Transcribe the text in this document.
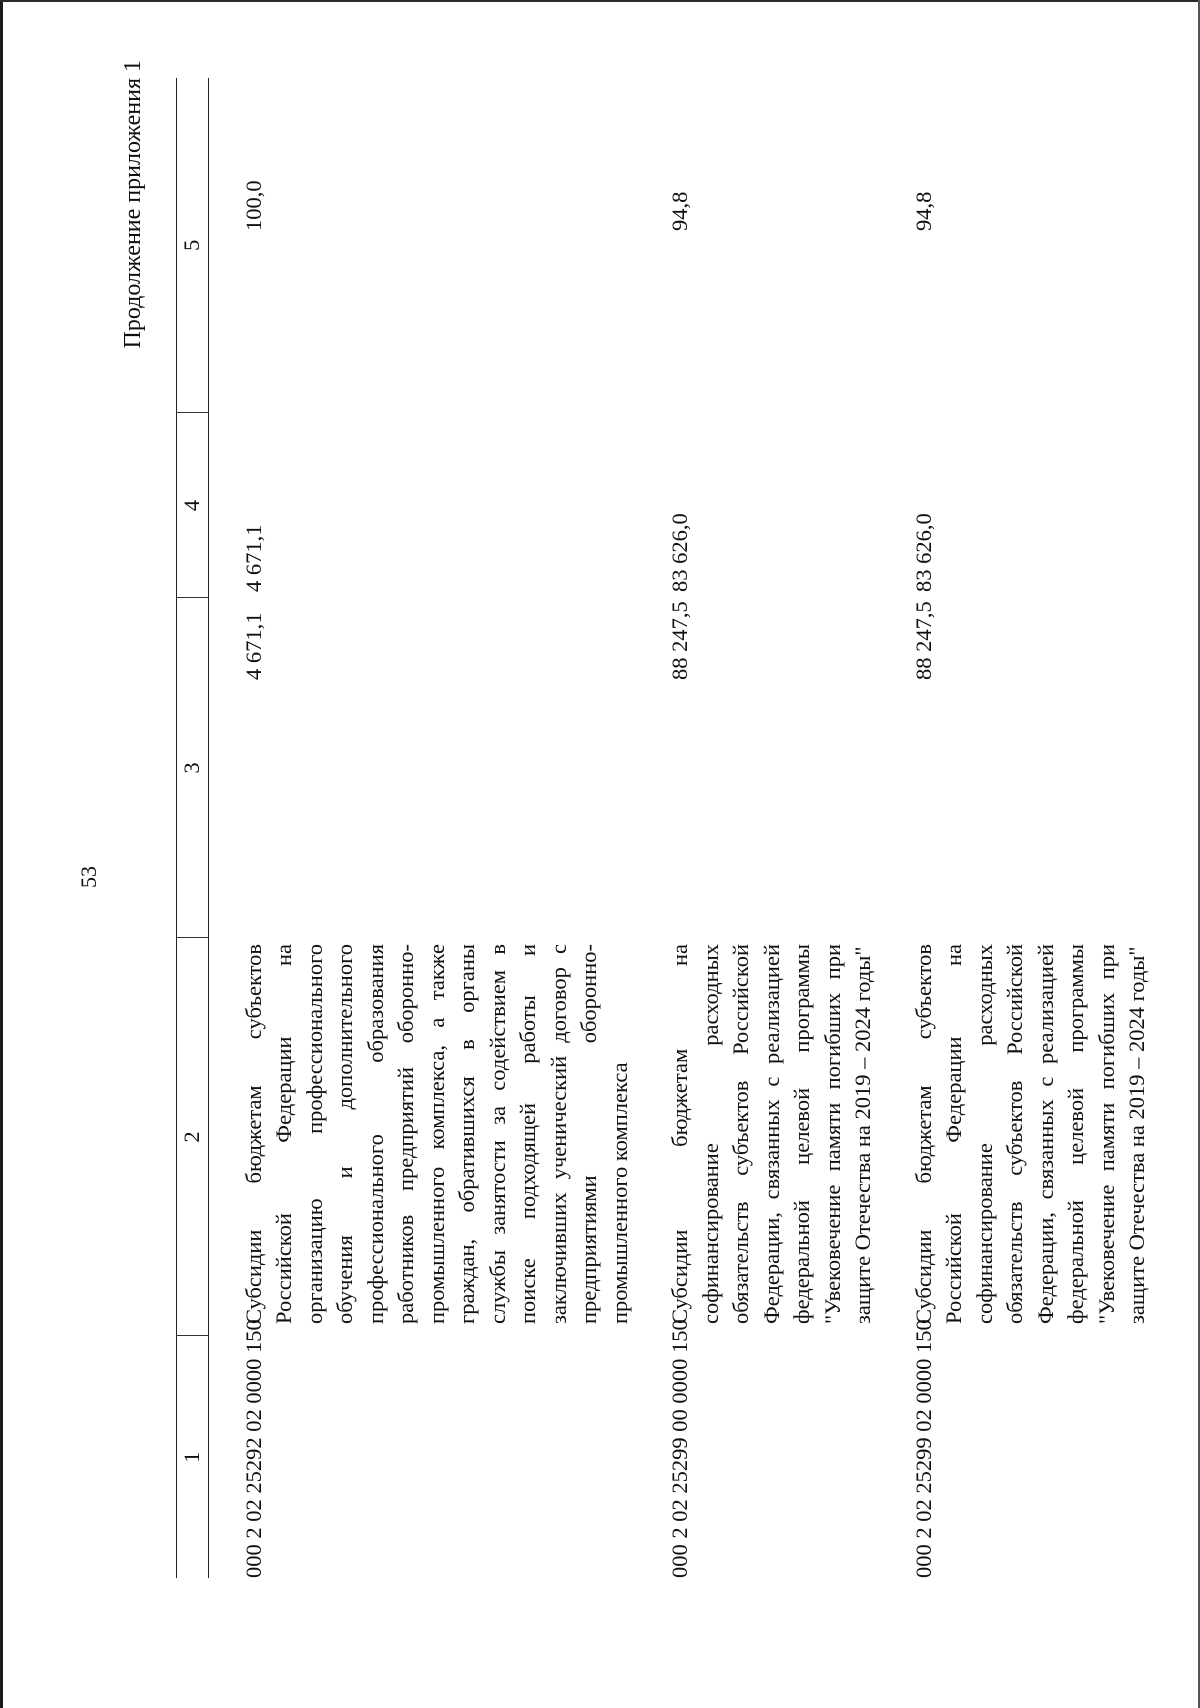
53
Продолжение приложения 1
1	2	3	4	5
000 2 02 25292 02 0000 150	Субсидии бюджетам субъектов Российской Федерации на организацию профессионального обучения и дополнительного профессионального образования работников предприятий оборонно-промышленного комплекса, а также граждан, обратившихся в органы службы занятости за содействием в поиске подходящей работы и заключивших ученический договор с предприятиями оборонно-промышленного комплекса	4 671,1	4 671,1	100,0
000 2 02 25299 00 0000 150	Субсидии бюджетам на софинансирование расходных обязательств субъектов Российской Федерации, связанных с реализацией федеральной целевой программы "Увековечение памяти погибших при защите Отечества на 2019 – 2024 годы"	88 247,5	83 626,0	94,8
000 2 02 25299 02 0000 150	Субсидии бюджетам субъектов Российской Федерации на софинансирование расходных обязательств субъектов Российской Федерации, связанных с реализацией федеральной целевой программы "Увековечение памяти погибших при защите Отечества на 2019 – 2024 годы"	88 247,5	83 626,0	94,8
